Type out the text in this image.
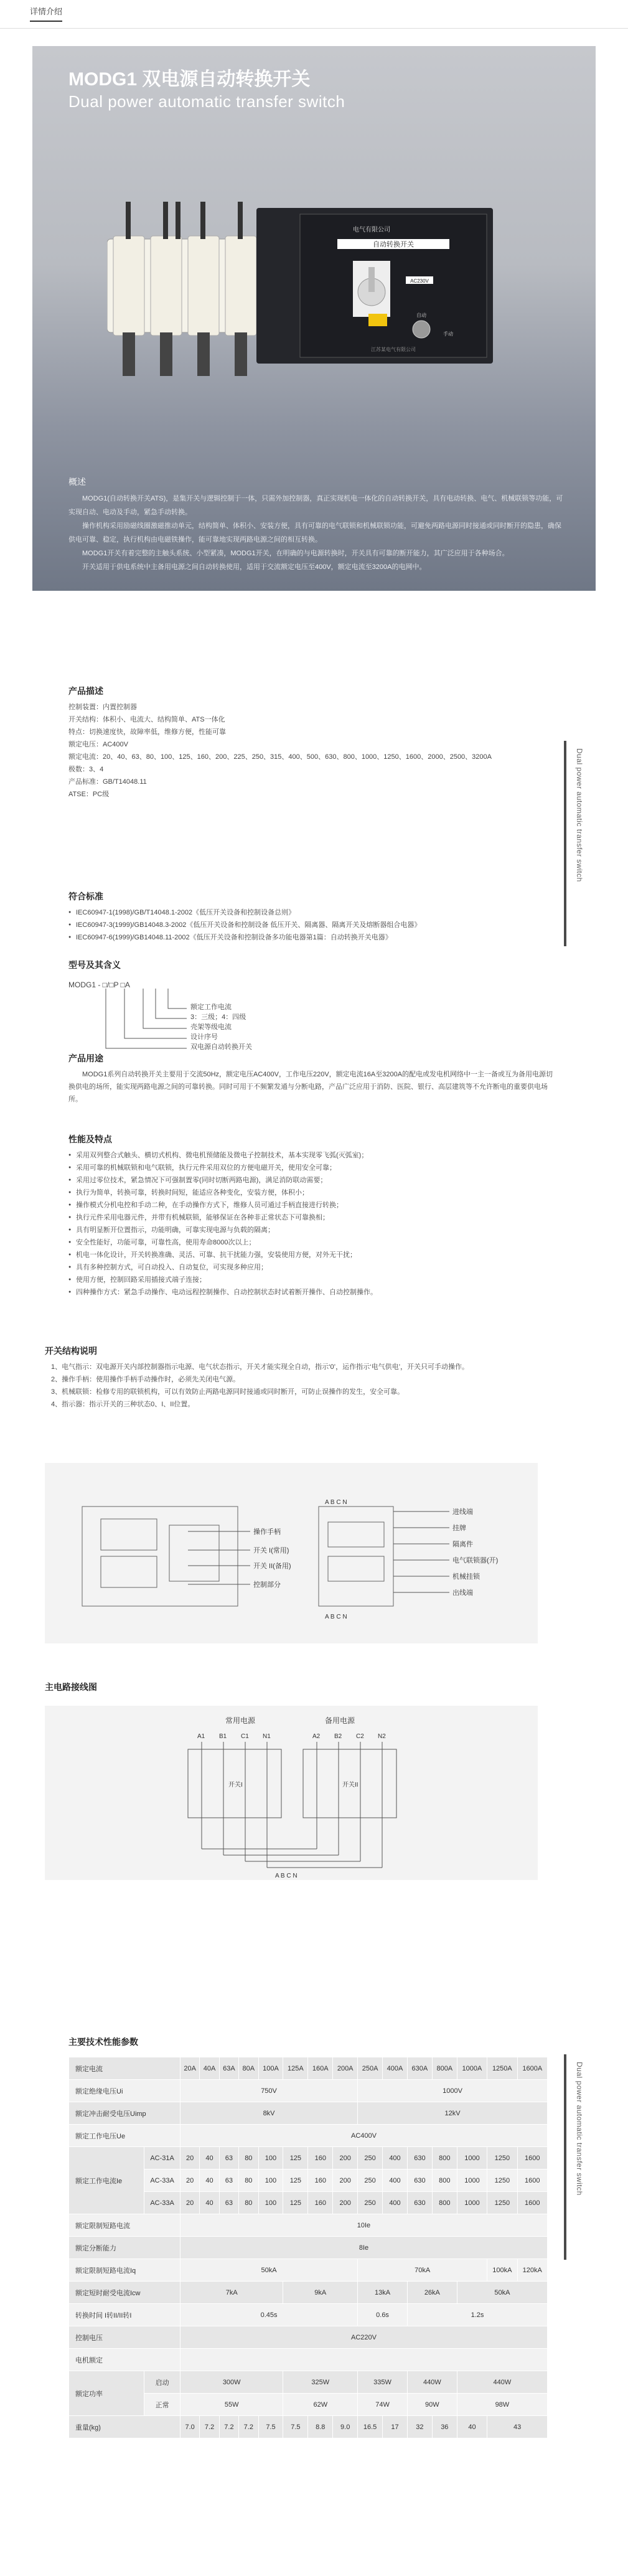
详情介绍
MODG1 双电源自动转换开关
Dual power automatic transfer switch
自动转换开关
电气有限公司
AC230V
自动
手动
江苏某电气有限公司
概述

MODG1(自动转换开关ATS)，是集开关与逻辑控制于一体，只需外加控制器，真正实现机电一体化的自动转换开关，具有电动转换、电气、机械联锁等功能，可实现自动、电动及手动，紧急手动转换。

操作机构采用励磁线圈激磁推动单元，结构简单、体积小、安装方便，具有可靠的电气联锁和机械联锁功能，可避免两路电源同时接通或同时断开的隐患，确保供电可靠、稳定，执行机构由电磁铁操作，能可靠地实现两路电源之间的相互转换。

MODG1开关有着完整的主触头系统、小型紧凑，MODG1开关，在明确的与电源转换时，开关具有可靠的断开能力，其广泛应用于各种场合。

开关适用于供电系统中主备用电源之间自动转换使用，适用于交流额定电压至400V，额定电流至3200A的电网中。

Dual power automatic transfer switch
产品描述
控制装置：内置控制器
开关结构：体积小、电流大、结构简单、ATS一体化
特点：切换速度快，故障率低，维修方便，性能可靠
额定电压：AC400V
额定电流：20、40、63、80、100、125、160、200、225、250、315、400、500、630、800、1000、1250、1600、2000、2500、3200A
极数：3、4
产品标准：GB/T14048.11
ATSE：PC级
符合标准
● IEC60947-1(1998)/GB/T14048.1-2002《低压开关设备和控制设备总则》
● IEC60947-3(1999)/GB14048.3-2002《低压开关设备和控制设备 低压开关、隔离器、隔离开关及熔断器组合电器》
● IEC60947-6(1999)/GB14048.11-2002《低压开关设备和控制设备多功能电器第1篇：自动转换开关电器》
型号及其含义
MODG1 - □/□P □A
额定工作电流
3：三级；4：四级
壳架等级电流
设计序号
双电源自动转换开关
产品用途

MODG1系列自动转换开关主要用于交流50Hz，额定电压AC400V，工作电压220V，额定电流16A至3200A的配电或发电机网络中一主一备或互为备用电源切换供电的场所，能实现两路电源之间的可靠转换。同时可用于不频繁发通与分断电路，产品广泛应用于消防、医院、银行、高层建筑等不允许断电的重要供电场所。

性能及特点
● 采用双列整合式触头、横切式机构、微电机预储能及微电子控制技术，基本实现零飞弧(灭弧室)；
● 采用可靠的机械联锁和电气联锁，执行元件采用双位的方便电磁开关，使用安全可靠；
● 采用过零位技术，紧急情况下可强制置零(同时切断两路电源)，满足消防联动需要；
● 执行为简单，转换可靠，转换时间短，能适应各种变化，安装方便，体积小；
● 操作模式分机电控和手动二种，在手动操作方式下，维修人员可通过手柄直接进行转换；
● 执行元件采用电器元件，并带有机械联锁，能够保证在各种非正常状态下可靠换相；
● 具有明显断开位置指示，功能明确，可靠实现电源与负载的隔离；
● 安全性能好，功能可靠，可靠性高，使用寿命8000次以上；
● 机电一体化设计，开关转换准确、灵活、可靠、抗干扰能力强，安装使用方便，对外无干扰；
● 具有多种控制方式，可自动投入、自动复位，可实现多种应用；
● 使用方便，控制回路采用插接式端子连接；
● 四种操作方式：紧急手动操作、电动远程控制操作、自动控制状态时试着断开操作、自动控制操作。
开关结构说明
1、电气指示：双电源开关内部控制器指示电源、电气状态指示，开关才能实现全自动，指示‘0’，运作指示‘电气供电’，开关只可手动操作。
2、操作手柄：使用操作手柄手动操作时，必须先关闭电气源。
3、机械联锁：检修专用的联锁机构，可以有效防止两路电源同时接通或同时断开，可防止误操作的发生，安全可靠。
4、指示器：指示开关的三种状态0、I、II位置。
操作手柄
开关 I(常用)
开关 II(备用)
控制部分
A B C N
A B C N
进线端
挂牌
隔离件
电气联锁器(开)
机械挂锁
出线端
主电路接线图
常用电源	备用电源
A1 B1 C1 N1	A2 B2 C2 N2
开关I	开关II
A B C N
Dual power automatic transfer switch
主要技术性能参数
额定电流		20A	40A	63A	80A	100A	125A	160A	200A	250A	400A	630A	800A	1000A	1250A	1600A
额定绝缘电压Ui		750V								1000V						
额定冲击耐受电压Uimp		8kV								12kV						
额定工作电压Ue		AC400V														
额定工作电流Ie	AC-31A	20	40	63	80	100	125	160	200	250	400	630	800	1000	1250	1600
	AC-33A	20	40	63	80	100	125	160	200	250	400	630	800	1000	1250	1600
	AC-33A	20	40	63	80	100	125	160	200	250	400	630	800	1000	1250	1600
额定限制短路电流		10Ie														
额定分断能力		8Ie														
额定限制短路电流Iq		50kA								70kA					100kA	120kA
额定短时耐受电流Icw		7kA					9kA			13kA		26kA		50kA		
转换时间 I转II/II转I		0.45s								0.6s		1.2s				
控制电压		AC220V														
电机额定																
额定功率	启动	300W					325W			335W		440W		440W		
	正常	55W					62W			74W		90W		98W		
重量(kg)		7.0	7.2	7.2	7.2	7.5	7.5	8.8	9.0	16.5	17	32	36	40	43	
